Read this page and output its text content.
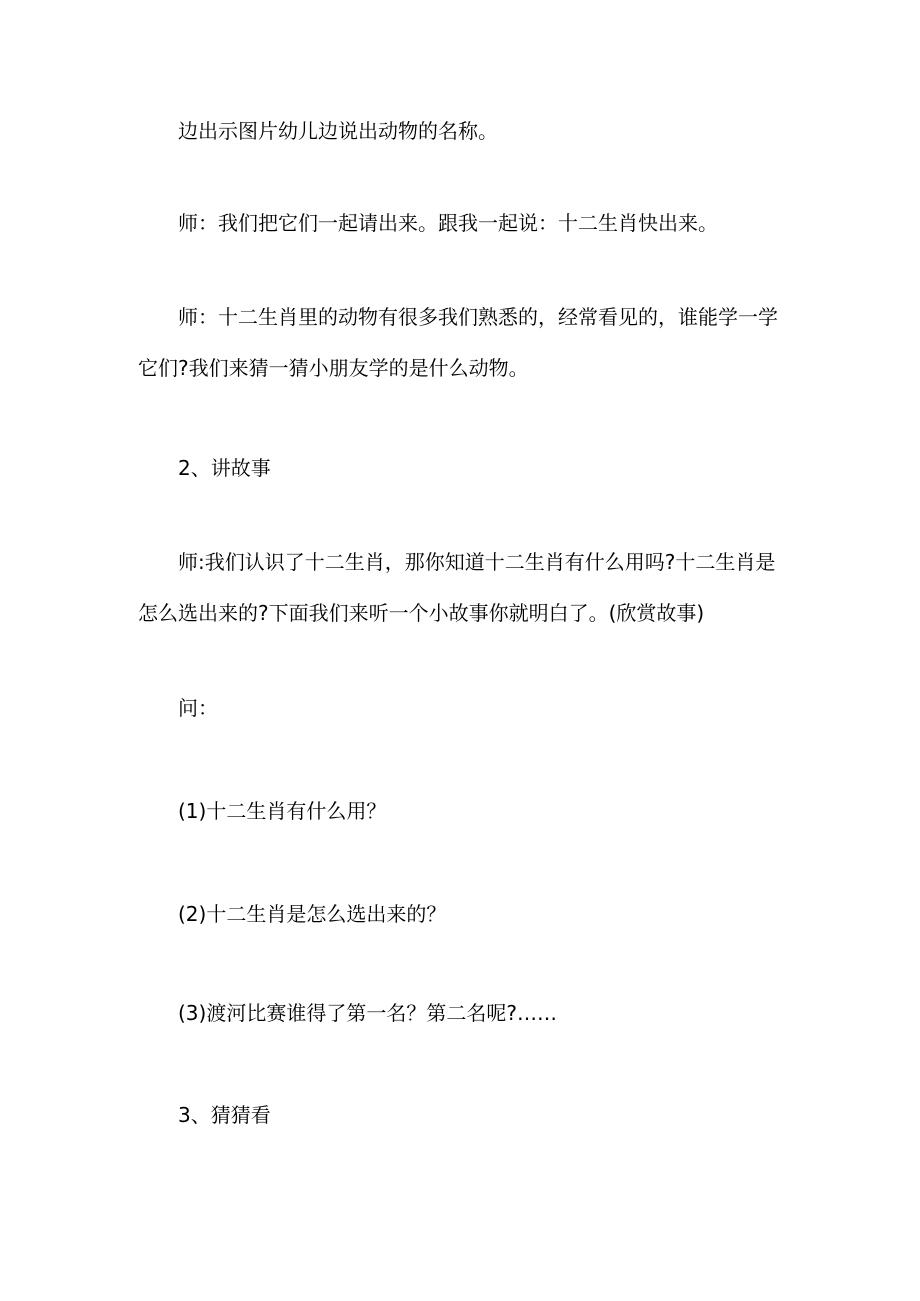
边出示图片幼儿边说出动物的名称。

师：我们把它们一起请出来。跟我一起说：十二生肖快出来。

师：十二生肖里的动物有很多我们熟悉的，经常看见的，谁能学一学它们?我们来猜一猜小朋友学的是什么动物。

2、讲故事

师:我们认识了十二生肖，那你知道十二生肖有什么用吗?十二生肖是怎么选出来的?下面我们来听一个小故事你就明白了。(欣赏故事)

问：

(1)十二生肖有什么用？

(2)十二生肖是怎么选出来的？

(3)渡河比赛谁得了第一名？第二名呢?……

3、猜猜看
